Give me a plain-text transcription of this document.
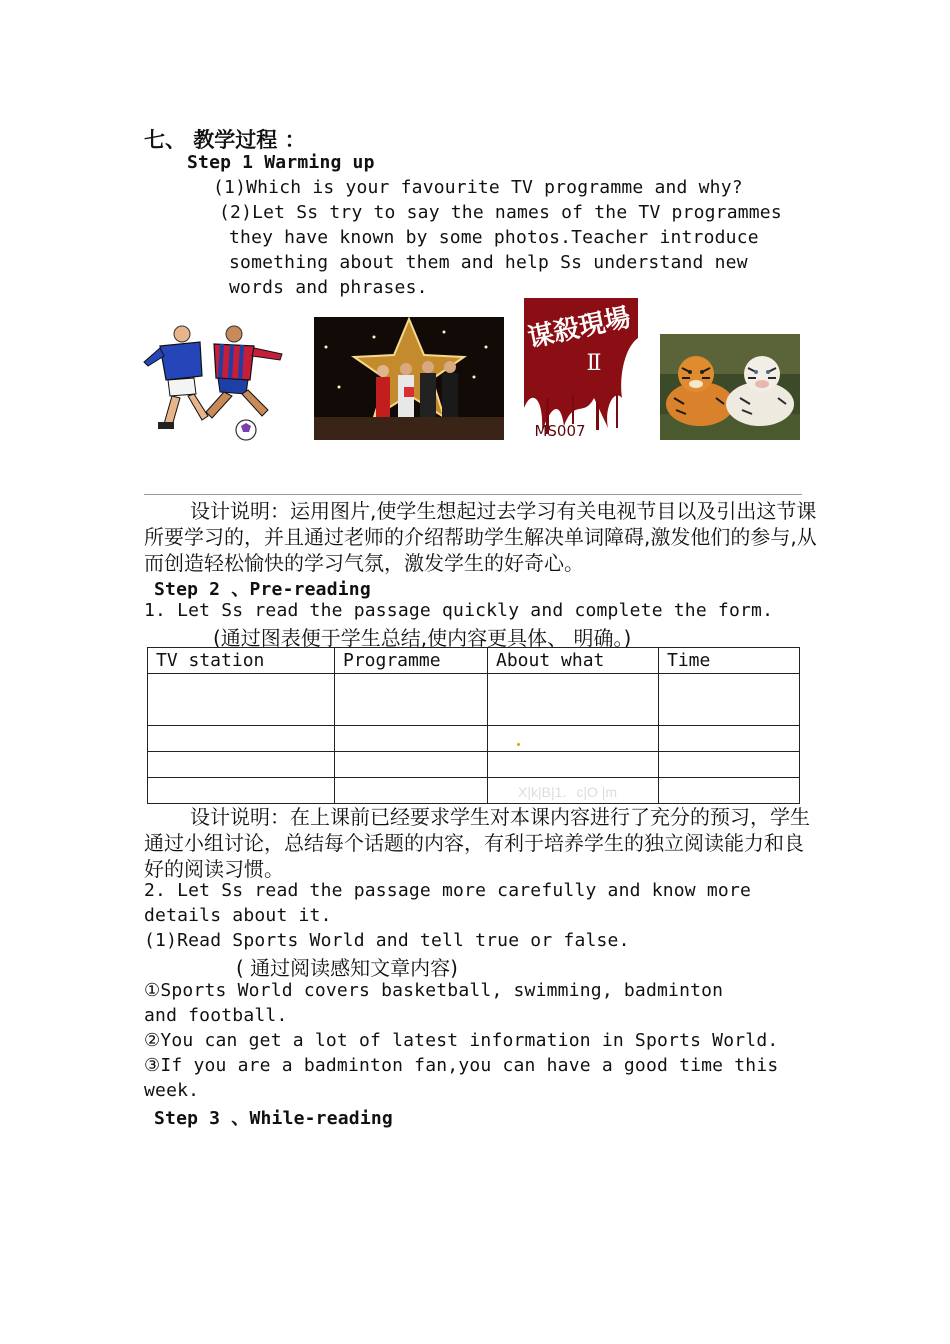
七、 教学过程 ：
Step 1 Warming up
(1)Which is your favourite TV programme and why?
(2)Let Ss try to say the names of the TV programmes
they have known by some photos.Teacher introduce
something about them and help Ss understand new
words and phrases.
谋殺現場
Ⅱ
MS007
设计说明：运用图片,使学生想起过去学习有关电视节目以及引出这节课所要学习的，并且通过老师的介绍帮助学生解决单词障碍,激发他们的参与,从而创造轻松愉快的学习气氛，激发学生的好奇心。
Step 2 、Pre-reading
1. Let Ss read the passage quickly and complete the form.
(通过图表便于学生总结,使内容更具体、 明确。)
TV station	Programme	About what	Time

X|k|B|1．c|O |m
设计说明：在上课前已经要求学生对本课内容进行了充分的预习，学生通过小组讨论，总结每个话题的内容，有利于培养学生的独立阅读能力和良好的阅读习惯。
2. Let Ss read the passage more carefully and know more
details about it.
(1)Read Sports World and tell true or false.
( 通过阅读感知文章内容)
①Sports World covers basketball, swimming, badminton
and football.
②You can get a lot of latest information in Sports World.
③If you are a badminton fan,you can have a good time this
week.
Step 3 、While-reading
